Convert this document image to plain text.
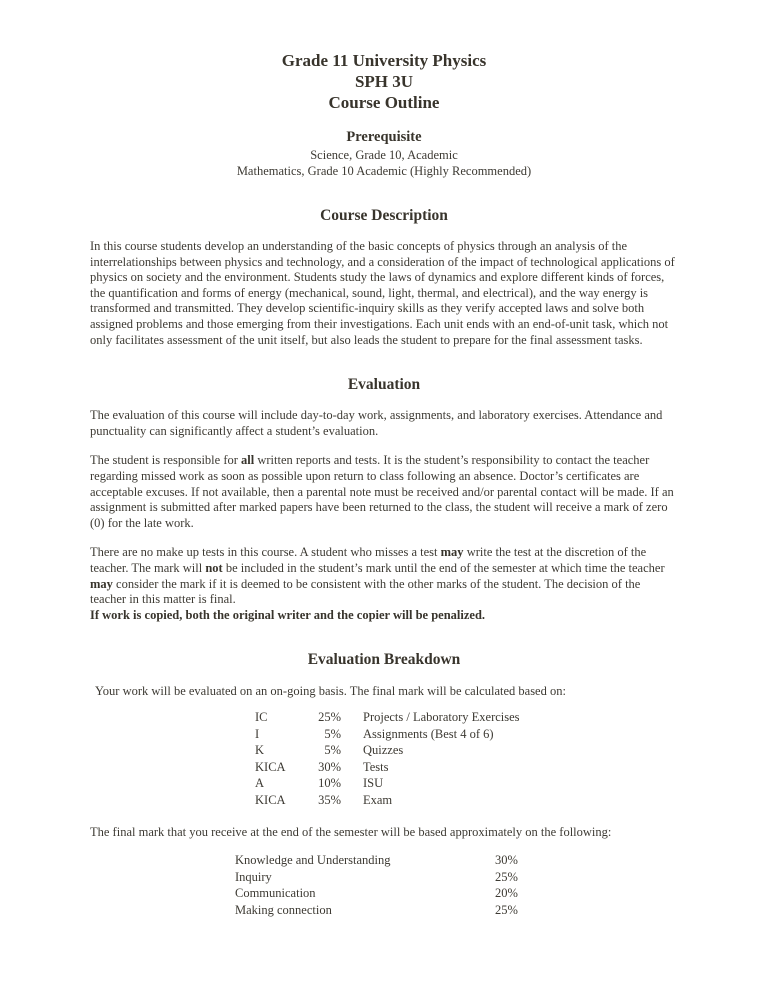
Grade 11 University Physics
SPH 3U
Course Outline
Prerequisite
Science, Grade 10, Academic
Mathematics, Grade 10 Academic (Highly Recommended)
Course Description

In this course students develop an understanding of the basic concepts of physics through an analysis of the interrelationships between physics and technology, and a consideration of the impact of technological applications of physics on society and the environment. Students study the laws of dynamics and explore different kinds of forces, the quantification and forms of energy (mechanical, sound, light, thermal, and electrical), and the way energy is transformed and transmitted. They develop scientific-inquiry skills as they verify accepted laws and solve both assigned problems and those emerging from their investigations. Each unit ends with an end-of-unit task, which not only facilitates assessment of the unit itself, but also leads the student to prepare for the final assessment tasks.

Evaluation

The evaluation of this course will include day-to-day work, assignments, and laboratory exercises. Attendance and punctuality can significantly affect a student’s evaluation.

The student is responsible for all written reports and tests. It is the student’s responsibility to contact the teacher regarding missed work as soon as possible upon return to class following an absence. Doctor’s certificates are acceptable excuses. If not available, then a parental note must be received and/or parental contact will be made. If an assignment is submitted after marked papers have been returned to the class, the student will receive a mark of zero (0) for the late work.

There are no make up tests in this course. A student who misses a test may write the test at the discretion of the teacher. The mark will not be included in the student’s mark until the end of the semester at which time the teacher may consider the mark if it is deemed to be consistent with the other marks of the student. The decision of the teacher in this matter is final.
If work is copied, both the original writer and the copier will be penalized.

Evaluation Breakdown
Your work will be evaluated on an on-going basis. The final mark will be calculated based on:
IC	25%	Projects / Laboratory Exercises
I	5%	Assignments (Best 4 of 6)
K	5%	Quizzes
KICA	30%	Tests
A	10%	ISU
KICA	35%	Exam
The final mark that you receive at the end of the semester will be based approximately on the following:
Knowledge and Understanding	30%
Inquiry	25%
Communication	20%
Making connection	25%
